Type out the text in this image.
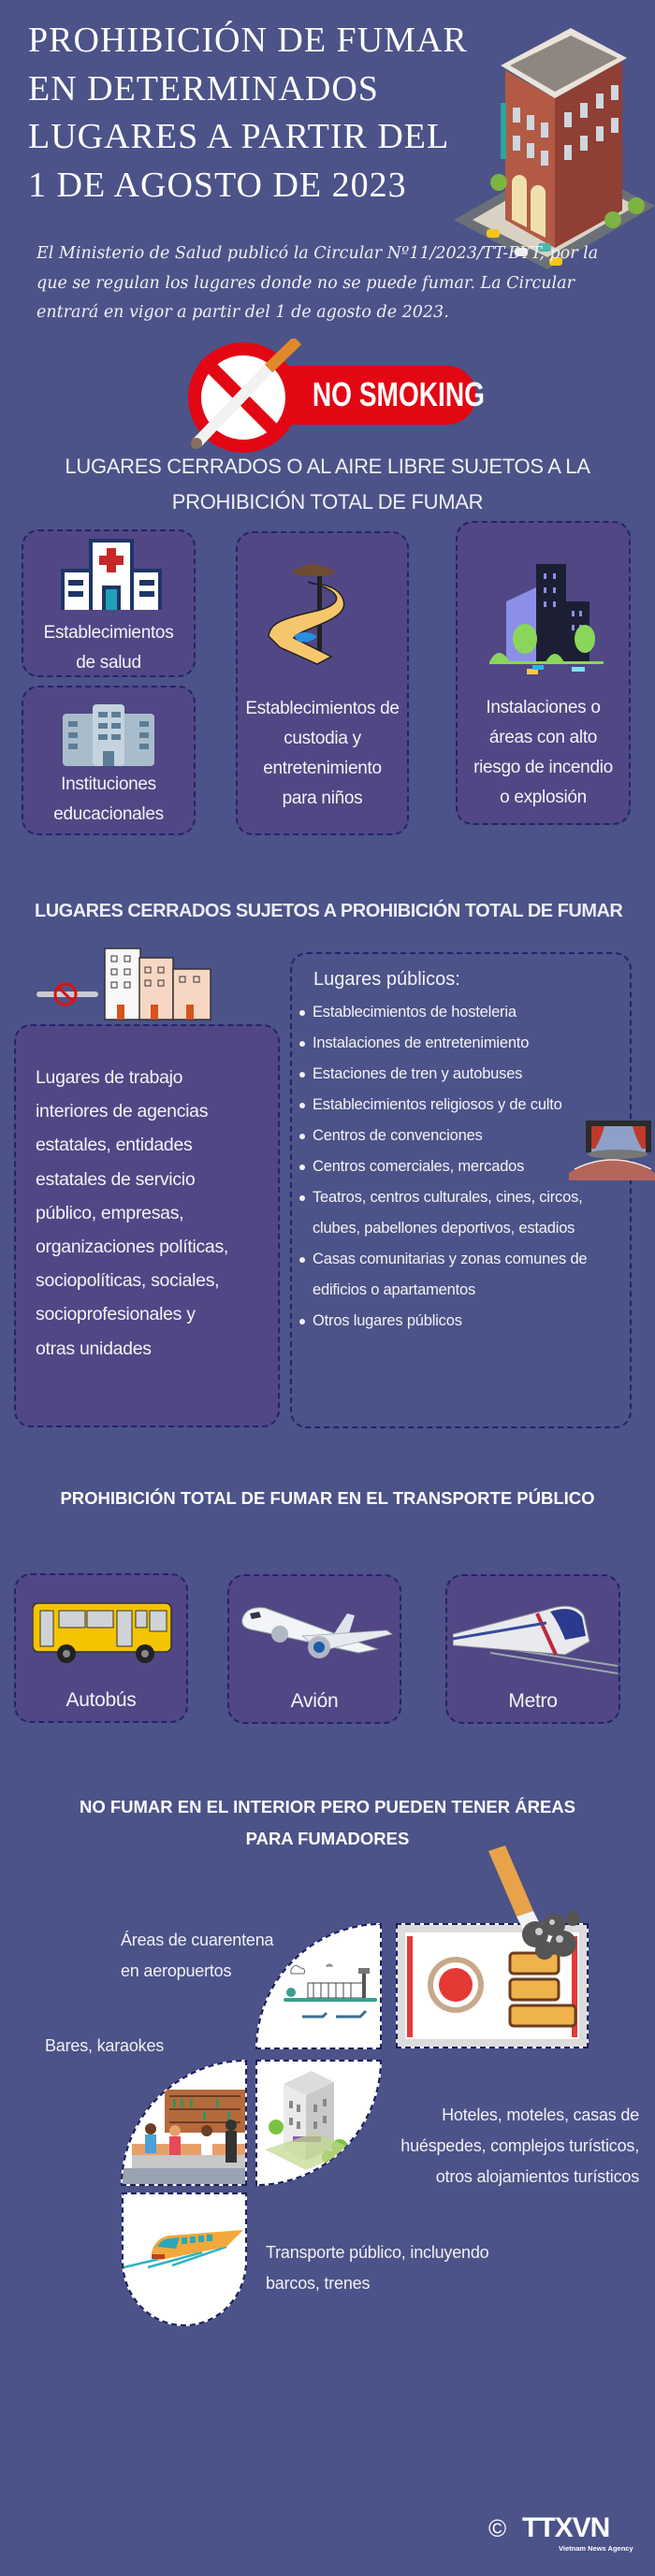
PROHIBICIÓN DE FUMAR
EN DETERMINADOS
LUGARES A PARTIR DEL
1 DE AGOSTO DE 2023
El Ministerio de Salud publicó la Circular Nº11/2023/TT-BYT, por la que se regulan los lugares donde no se puede fumar. La Circular entrará en vigor a partir del 1 de agosto de 2023.
NO SMOKING
LUGARES CERRADOS O AL AIRE LIBRE SUJETOS A LA
PROHIBICIÓN TOTAL DE FUMAR
Establecimientos
de salud
Instituciones
educacionales
Establecimientos de
custodia y
entretenimiento
para niños
Instalaciones o
áreas con alto
riesgo de incendio
o explosión
LUGARES CERRADOS SUJETOS A PROHIBICIÓN TOTAL DE FUMAR
Lugares de trabajo
interiores de agencias
estatales, entidades
estatales de servicio
público, empresas,
organizaciones políticas,
sociopolíticas, sociales,
socioprofesionales y
otras unidades
Lugares públicos:
Establecimientos de hosteleria
Instalaciones de entretenimiento
Estaciones de tren y autobuses
Establecimientos religiosos y de culto
Centros de convenciones
Centros comerciales, mercados
Teatros, centros culturales, cines, circos,
clubes, pabellones deportivos, estadios
Casas comunitarias y zonas comunes de
edificios o apartamentos
Otros lugares públicos
PROHIBICIÓN TOTAL DE FUMAR EN EL TRANSPORTE PÚBLICO
Autobús	Avión	Metro
NO FUMAR EN EL INTERIOR PERO PUEDEN TENER ÁREAS
PARA FUMADORES
Áreas de cuarentena
en aeropuertos
Bares, karaokes
Hoteles, moteles, casas de
huéspedes, complejos turísticos,
otros alojamientos turísticos
Transporte público, incluyendo
barcos, trenes
© TTXVN
Vietnam News Agency
